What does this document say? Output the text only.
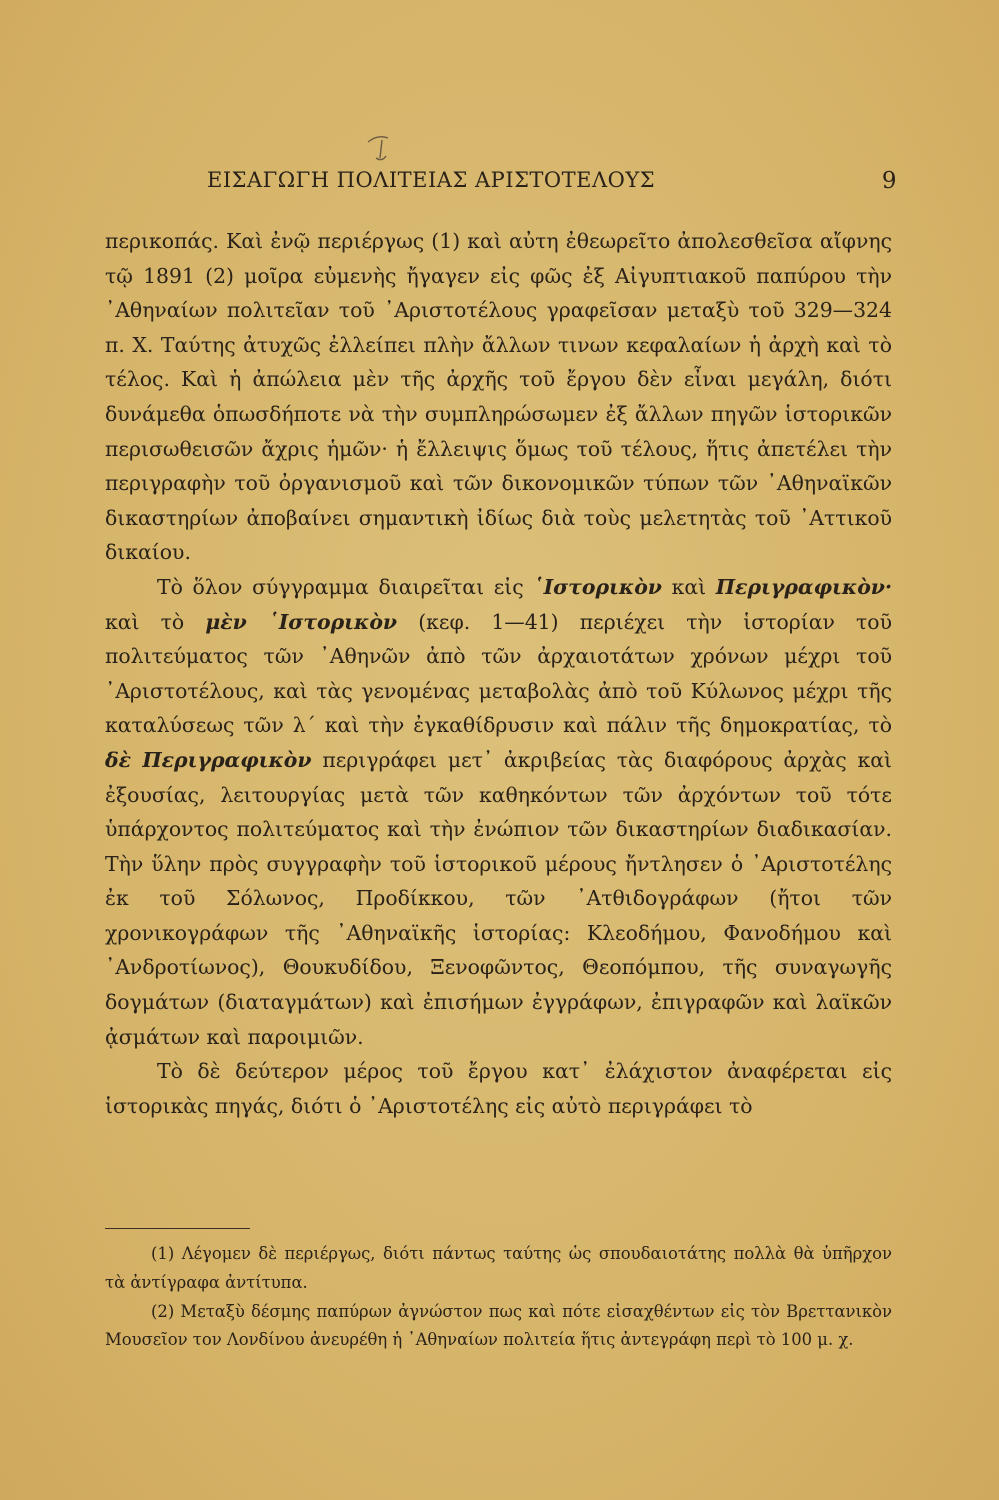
ΕΙΣΑΓΩΓΗ ΠΟΛΙΤΕΙΑΣ ΑΡΙΣΤΟΤΕΛΟΥΣ	9

περικοπάς. Καὶ ἐνῷ περιέργως (1) καὶ αὐτη ἐθεωρεῖτο ἀπολεσθεῖσα αἴφνης τῷ 1891 (2) μοῖρα εὐμενὴς ἤγαγεν εἰς φῶς ἐξ Αἰγυπτιακοῦ παπύρου τὴν ᾿Αθηναίων πολιτεῖαν τοῦ ᾿Αριστοτέλους γραφεῖσαν μεταξὺ τοῦ 329—324 π. Χ. Ταύτης ἀτυχῶς ἐλλείπει πλὴν ἄλλων τινων κεφαλαίων ἡ ἀρχὴ καὶ τὸ τέλος. Καὶ ἡ ἀπώλεια μὲν τῆς ἀρχῆς τοῦ ἔργου δὲν εἶναι μεγάλη, διότι δυνάμεθα ὁπωσδήποτε νὰ τὴν συμπληρώσωμεν ἐξ ἄλλων πηγῶν ἱστορικῶν περισωθεισῶν ἄχρις ἡμῶν· ἡ ἔλλειψις ὅμως τοῦ τέλους, ἥτις ἀπετέλει τὴν περιγραφὴν τοῦ ὀργανισμοῦ καὶ τῶν δικονομικῶν τύπων τῶν ᾿Αθηναϊκῶν δικαστηρίων ἀποβαίνει σημαντικὴ ἰδίως διὰ τοὺς μελετητὰς τοῦ ᾿Αττικοῦ δικαίου.

Τὸ ὅλον σύγγραμμα διαιρεῖται εἰς ῾Ιστορικὸν καὶ Περιγραφικὸν· καὶ τὸ μὲν ῾Ιστορικὸν (κεφ. 1—41) περιέχει τὴν ἱστορίαν τοῦ πολιτεύματος τῶν ᾿Αθηνῶν ἀπὸ τῶν ἀρχαιοτάτων χρόνων μέχρι τοῦ ᾿Αριστοτέλους, καὶ τὰς γενομένας μεταβολὰς ἀπὸ τοῦ Κύλωνος μέχρι τῆς καταλύσεως τῶν λ΄ καὶ τὴν ἐγκαθίδρυσιν καὶ πάλιν τῆς δημοκρατίας, τὸ δὲ Περιγραφικὸν περιγράφει μετ᾿ ἀκριβείας τὰς διαφόρους ἀρχὰς καὶ ἐξουσίας, λειτουργίας μετὰ τῶν καθηκόντων τῶν ἀρχόντων τοῦ τότε ὑπάρχοντος πολιτεύματος καὶ τὴν ἐνώπιον τῶν δικαστηρίων διαδικασίαν. Τὴν ὕλην πρὸς συγγραφὴν τοῦ ἱστορικοῦ μέρους ἤντλησεν ὁ ᾿Αριστοτέλης ἐκ τοῦ Σόλωνος, Προδίκκου, τῶν ᾿Ατθιδογράφων (ἤτοι τῶν χρονικογράφων τῆς ᾿Αθηναϊκῆς ἱστορίας: Κλεοδήμου, Φανοδήμου καὶ ᾿Ανδροτίωνος), Θουκυδίδου, Ξενοφῶντος, Θεοπόμπου, τῆς συναγωγῆς δογμάτων (διαταγμάτων) καὶ ἐπισήμων ἐγγράφων, ἐπιγραφῶν καὶ λαϊκῶν ᾀσμάτων καὶ παροιμιῶν.

Τὸ δὲ δεύτερον μέρος τοῦ ἔργου κατ᾿ ἐλάχιστον ἀναφέρεται εἰς ἱστορικὰς πηγάς, διότι ὁ ᾿Αριστοτέλης εἰς αὐτὸ περιγράφει τὸ

(1) Λέγομεν δὲ περιέργως, διότι πάντως ταύτης ὡς σπουδαιοτάτης πολλὰ θὰ ὑπῆρχον τὰ ἀντίγραφα ἀντίτυπα.

(2) Μεταξὺ δέσμης παπύρων ἀγνώστον πως καὶ πότε εἰσαχθέντων εἰς τὸν Βρεττανικὸν Μουσεῖον τον Λονδίνου ἀνευρέθη ἡ ᾿Αθηναίων πολιτεία ἥτις ἀντεγράφη περὶ τὸ 100 μ. χ.
